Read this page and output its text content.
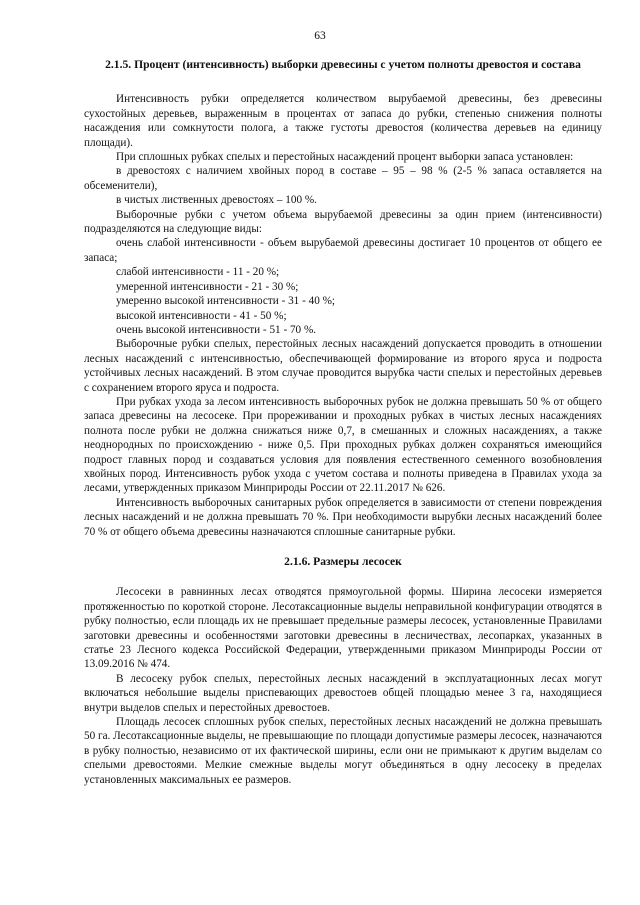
63
2.1.5. Процент (интенсивность) выборки древесины с учетом полноты древостоя и состава

Интенсивность рубки определяется количеством вырубаемой древесины, без древесины сухостойных деревьев, выраженным в процентах от запаса до рубки, степенью снижения полноты насаждения или сомкнутости полога, а также густоты древостоя (количества деревьев на единицу площади).

При сплошных рубках спелых и перестойных насаждений процент выборки запаса установлен:

в древостоях с наличием хвойных пород в составе – 95 – 98 % (2-5 % запаса оставляется на обсеменители),

в чистых лиственных древостоях – 100 %.

Выборочные рубки с учетом объема вырубаемой древесины за один прием (интенсивности) подразделяются на следующие виды:

очень слабой интенсивности - объем вырубаемой древесины достигает 10 процентов от общего ее запаса;

слабой интенсивности - 11 - 20 %;

умеренной интенсивности - 21 - 30 %;

умеренно высокой интенсивности - 31 - 40 %;

высокой интенсивности - 41 - 50 %;

очень высокой интенсивности - 51 - 70 %.

Выборочные рубки спелых, перестойных лесных насаждений допускается проводить в отношении лесных насаждений с интенсивностью, обеспечивающей формирование из второго яруса и подроста устойчивых лесных насаждений. В этом случае проводится вырубка части спелых и перестойных деревьев с сохранением второго яруса и подроста.

При рубках ухода за лесом интенсивность выборочных рубок не должна превышать 50 % от общего запаса древесины на лесосеке. При прореживании и проходных рубках в чистых лесных насаждениях полнота после рубки не должна снижаться ниже 0,7, в смешанных и сложных насаждениях, а также неоднородных по происхождению - ниже 0,5. При проходных рубках должен сохраняться имеющийся подрост главных пород и создаваться условия для появления естественного семенного возобновления хвойных пород. Интенсивность рубок ухода с учетом состава и полноты приведена в Правилах ухода за лесами, утвержденных приказом Минприроды России от 22.11.2017 № 626.

Интенсивность выборочных санитарных рубок определяется в зависимости от степени повреждения лесных насаждений и не должна превышать 70 %. При необходимости вырубки лесных насаждений более 70 % от общего объема древесины назначаются сплошные санитарные рубки.

2.1.6. Размеры лесосек

Лесосеки в равнинных лесах отводятся прямоугольной формы. Ширина лесосеки измеряется протяженностью по короткой стороне. Лесотаксационные выделы неправильной конфигурации отводятся в рубку полностью, если площадь их не превышает предельные размеры лесосек, установленные Правилами заготовки древесины и особенностями заготовки древесины в лесничествах, лесопарках, указанных в статье 23 Лесного кодекса Российской Федерации, утвержденными приказом Минприроды России от 13.09.2016 № 474.

В лесосеку рубок спелых, перестойных лесных насаждений в эксплуатационных лесах могут включаться небольшие выделы приспевающих древостоев общей площадью менее 3 га, находящиеся внутри выделов спелых и перестойных древостоев.

Площадь лесосек сплошных рубок спелых, перестойных лесных насаждений не должна превышать 50 га. Лесотаксационные выделы, не превышающие по площади допустимые размеры лесосек, назначаются в рубку полностью, независимо от их фактической ширины, если они не примыкают к другим выделам со спелыми древостоями. Мелкие смежные выделы могут объединяться в одну лесосеку в пределах установленных максимальных ее размеров.
